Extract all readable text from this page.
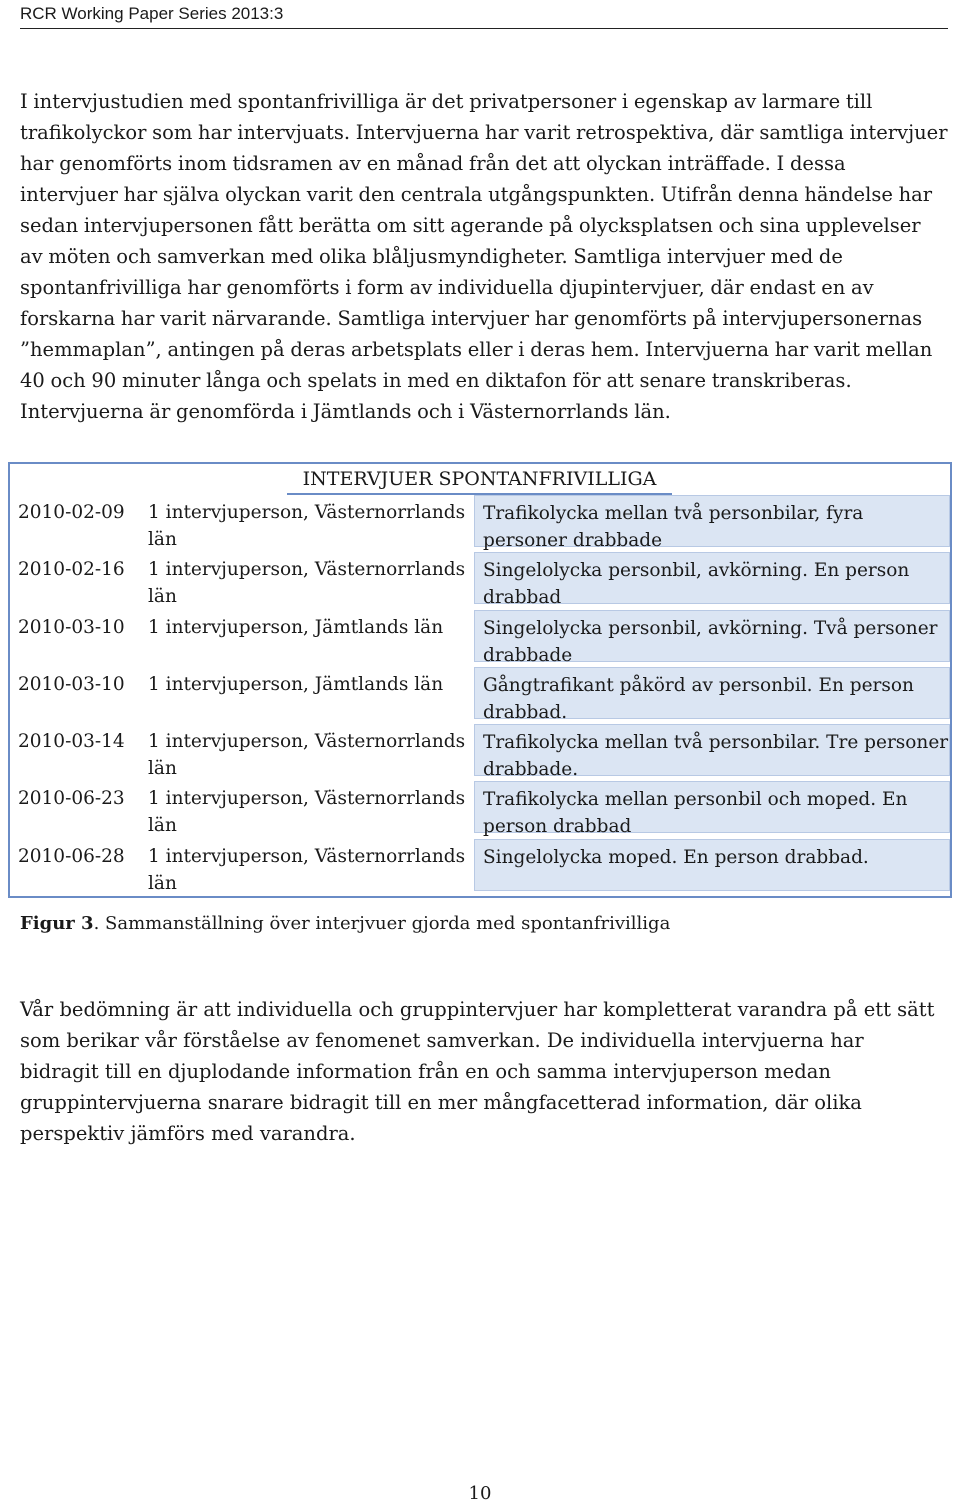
RCR Working Paper Series 2013:3

I intervjustudien med spontanfrivilliga är det privatpersoner i egenskap av larmare till trafikolyckor som har intervjuats. Intervjuerna har varit retrospektiva, där samtliga intervjuer har genomförts inom tidsramen av en månad från det att olyckan inträffade. I dessa intervjuer har själva olyckan varit den centrala utgångspunkten. Utifrån denna händelse har sedan intervjupersonen fått berätta om sitt agerande på olycksplatsen och sina upplevelser av möten och samverkan med olika blåljusmyndigheter. Samtliga intervjuer med de spontanfrivilliga har genomförts i form av individuella djupintervjuer, där endast en av forskarna har varit närvarande. Samtliga intervjuer har genomförts på intervjupersonernas ”hemmaplan”, antingen på deras arbetsplats eller i deras hem. Intervjuerna har varit mellan 40 och 90 minuter långa och spelats in med en diktafon för att senare transkriberas. Intervjuerna är genomförda i Jämtlands och i Västernorrlands län.

INTERVJUER SPONTANFRIVILLIGA
2010-02-09	1 intervjuperson, Västernorrlands län
Trafikolycka mellan två personbilar, fyra personer drabbade
2010-02-16	1 intervjuperson, Västernorrlands län
Singelolycka personbil, avkörning. En person drabbad
2010-03-10	1 intervjuperson, Jämtlands län	Singelolycka personbil, avkörning. Två personer drabbade
2010-03-10	1 intervjuperson, Jämtlands län	Gångtrafikant påkörd av personbil. En person drabbad.
2010-03-14	1 intervjuperson, Västernorrlands län
Trafikolycka mellan två personbilar. Tre personer drabbade.
2010-06-23	1 intervjuperson, Västernorrlands län
Trafikolycka mellan personbil och moped. En person drabbad
2010-06-28	1 intervjuperson, Västernorrlands län
Singelolycka moped. En person drabbad.
Figur 3. Sammanställning över interjvuer gjorda med spontanfrivilliga

Vår bedömning är att individuella och gruppintervjuer har kompletterat varandra på ett sätt som berikar vår förståelse av fenomenet samverkan. De individuella intervjuerna har bidragit till en djuplodande information från en och samma intervjuperson medan gruppintervjuerna snarare bidragit till en mer mångfacetterad information, där olika perspektiv jämförs med varandra.

10
